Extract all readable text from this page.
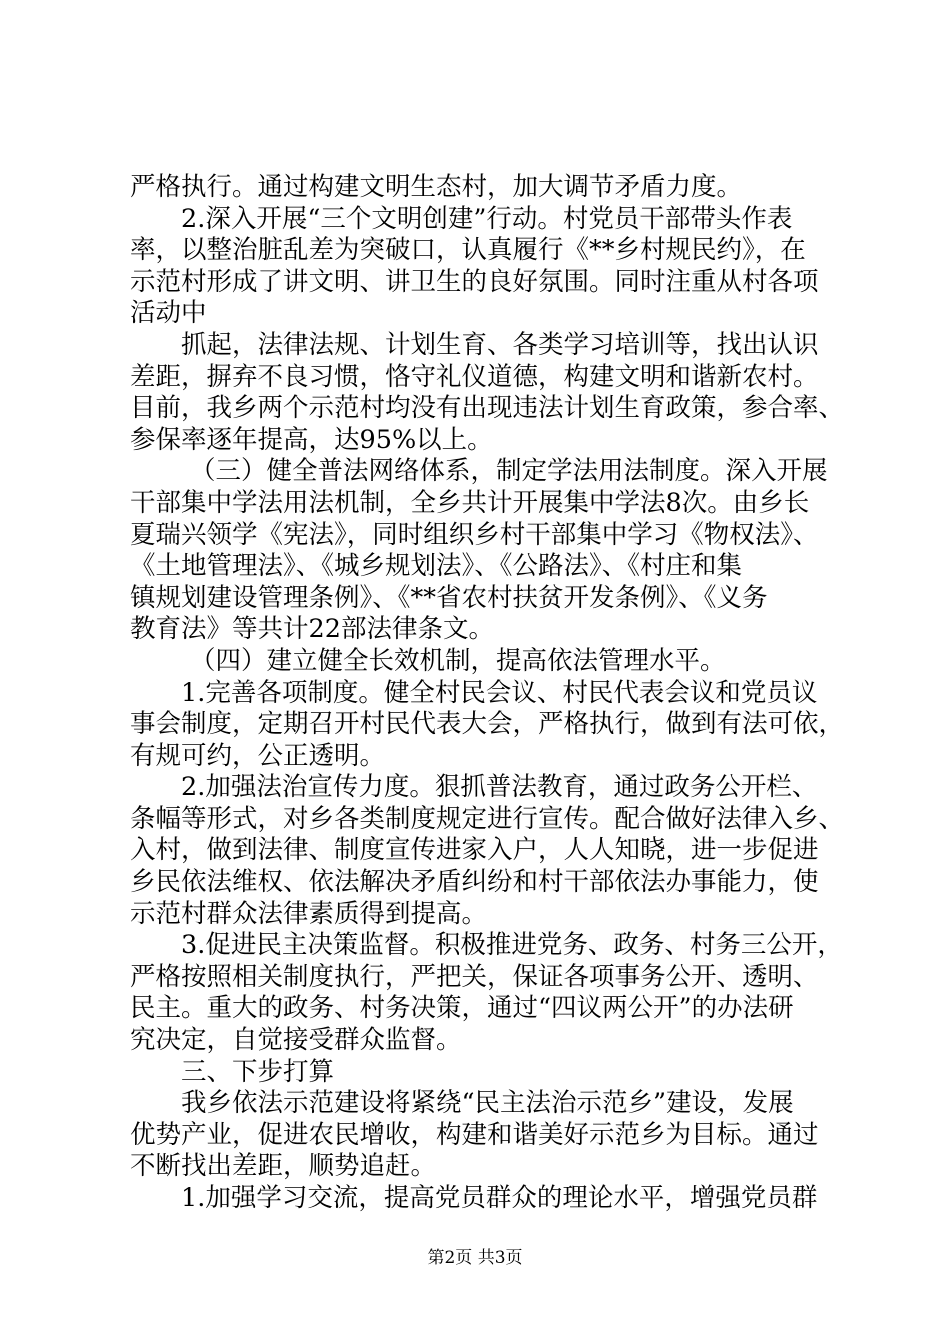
严格执行。通过构建文明生态村，加大调节矛盾力度。

2.深入开展“三个文明创建”行动。村党员干部带头作表

率，以整治脏乱差为突破口，认真履行《**乡村规民约》，在

示范村形成了讲文明、讲卫生的良好氛围。同时注重从村各项

活动中

抓起，法律法规、计划生育、各类学习培训等，找出认识

差距，摒弃不良习惯，恪守礼仪道德，构建文明和谐新农村。

目前，我乡两个示范村均没有出现违法计划生育政策，参合率、

参保率逐年提高，达95%以上。

（三）健全普法网络体系，制定学法用法制度。深入开展

干部集中学法用法机制，全乡共计开展集中学法8次。由乡长

夏瑞兴领学《宪法》，同时组织乡村干部集中学习《物权法》、

《土地管理法》、《城乡规划法》、《公路法》、《村庄和集

镇规划建设管理条例》、《**省农村扶贫开发条例》、《义务

教育法》等共计22部法律条文。

（四）建立健全长效机制，提高依法管理水平。

1.完善各项制度。健全村民会议、村民代表会议和党员议

事会制度，定期召开村民代表大会，严格执行，做到有法可依，

有规可约，公正透明。

2.加强法治宣传力度。狠抓普法教育，通过政务公开栏、

条幅等形式，对乡各类制度规定进行宣传。配合做好法律入乡、

入村，做到法律、制度宣传进家入户，人人知晓，进一步促进

乡民依法维权、依法解决矛盾纠纷和村干部依法办事能力，使

示范村群众法律素质得到提高。

3.促进民主决策监督。积极推进党务、政务、村务三公开，

严格按照相关制度执行，严把关，保证各项事务公开、透明、

民主。重大的政务、村务决策，通过“四议两公开”的办法研

究决定，自觉接受群众监督。

三、下步打算

我乡依法示范建设将紧绕“民主法治示范乡”建设，发展

优势产业，促进农民增收，构建和谐美好示范乡为目标。通过

不断找出差距，顺势追赶。

1.加强学习交流，提高党员群众的理论水平，增强党员群

第2页 共3页
